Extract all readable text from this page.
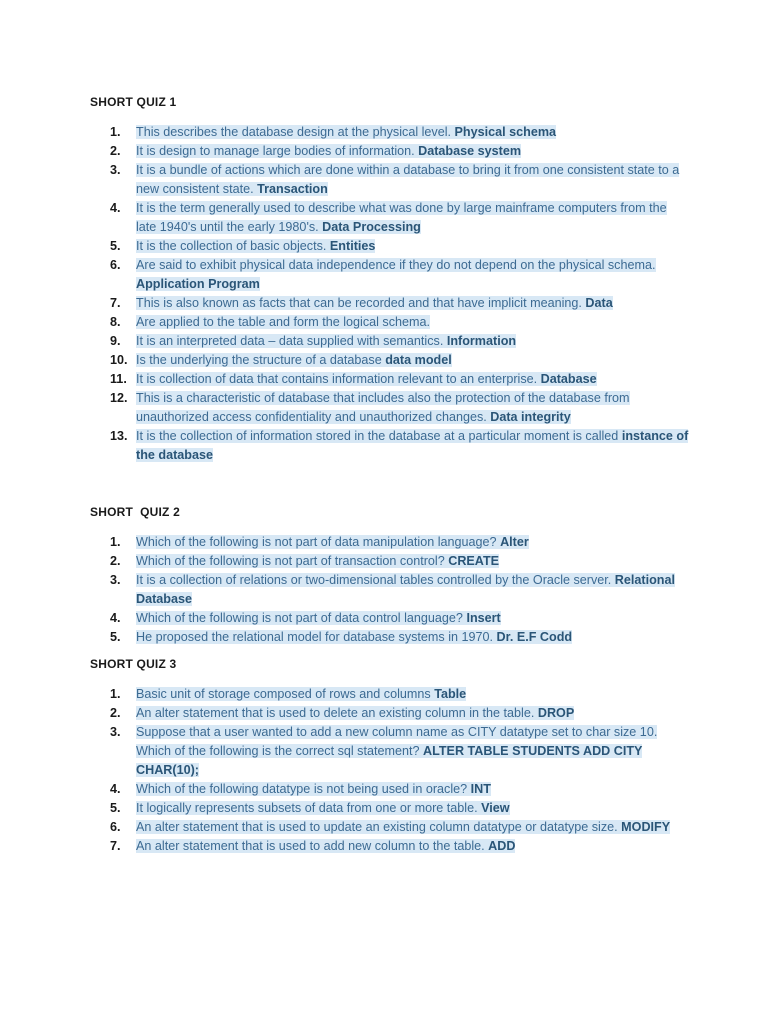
SHORT QUIZ 1
1.	This describes the database design at the physical level. Physical schema
2.	It is design to manage large bodies of information. Database system
3.	It is a bundle of actions which are done within a database to bring it from one consistent state to a new consistent state. Transaction
4.	It is the term generally used to describe what was done by large mainframe computers from the late 1940's until the early 1980's. Data Processing
5.	It is the collection of basic objects. Entities
6.	Are said to exhibit physical data independence if they do not depend on the physical schema. Application Program
7.	This is also known as facts that can be recorded and that have implicit meaning. Data
8.	Are applied to the table and form the logical schema.
9.	It is an interpreted data – data supplied with semantics. Information
10. Is the underlying the structure of a database data model
11. It is collection of data that contains information relevant to an enterprise. Database
12. This is a characteristic of database that includes also the protection of the database from unauthorized access confidentiality and unauthorized changes. Data integrity
13. It is the collection of information stored in the database at a particular moment is called instance of the database
SHORT  QUIZ 2
1.	Which of the following is not part of data manipulation language? Alter
2.	Which of the following is not part of transaction control? CREATE
3.	It is a collection of relations or two-dimensional tables controlled by the Oracle server. Relational Database
4.	Which of the following is not part of data control language? Insert
5.	He proposed the relational model for database systems in 1970. Dr. E.F Codd
SHORT QUIZ 3
1.	Basic unit of storage composed of rows and columns Table
2.	An alter statement that is used to delete an existing column in the table. DROP
3.	Suppose that a user wanted to add a new column name as CITY datatype set to char size 10. Which of the following is the correct sql statement? ALTER TABLE STUDENTS ADD CITY CHAR(10);
4.	Which of the following datatype is not being used in oracle? INT
5.	It logically represents subsets of data from one or more table. View
6.	An alter statement that is used to update an existing column datatype or datatype size. MODIFY
7.	An alter statement that is used to add new column to the table. ADD
